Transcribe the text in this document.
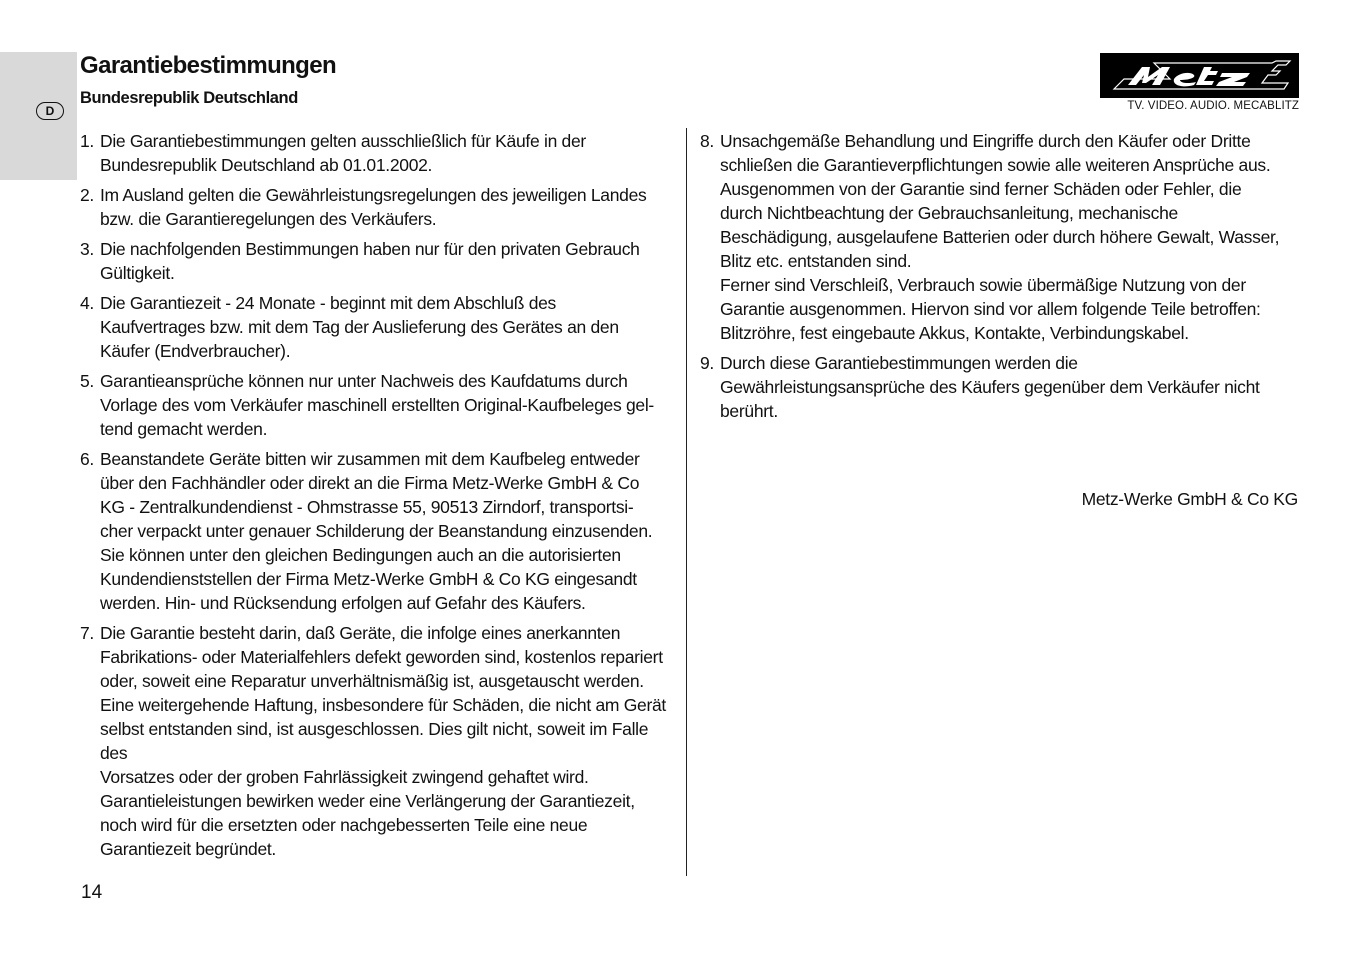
D
Garantiebestimmungen
Bundesrepublik Deutschland	TV. VIDEO. AUDIO. MECABLITZ
1. Die Garantiebestimmungen gelten ausschließlich für Käufe in der

Bundesrepublik Deutschland ab 01.01.2002.

2. Im Ausland gelten die Gewährleistungsregelungen des jeweiligen Landes

bzw. die Garantieregelungen des Verkäufers.

3. Die nachfolgenden Bestimmungen haben nur für den privaten Gebrauch

Gültigkeit.

4. Die Garantiezeit - 24 Monate - beginnt mit dem Abschluß des

Kaufvertrages bzw. mit dem Tag der Auslieferung des Gerätes an den

Käufer (Endverbraucher).

5. Garantieansprüche können nur unter Nachweis des Kaufdatums durch

Vorlage des vom Verkäufer maschinell erstellten Original-Kaufbeleges gel-

tend gemacht werden.

6. Beanstandete Geräte bitten wir zusammen mit dem Kaufbeleg entweder

über den Fachhändler oder direkt an die Firma Metz-Werke GmbH & Co

KG - Zentralkundendienst - Ohmstrasse 55, 90513 Zirndorf, transportsi-

cher verpackt unter genauer Schilderung der Beanstandung einzusenden.

Sie können unter den gleichen Bedingungen auch an die autorisierten

Kundendienststellen der Firma Metz-Werke GmbH & Co KG eingesandt

werden. Hin- und Rücksendung erfolgen auf Gefahr des Käufers.

7. Die Garantie besteht darin, daß Geräte, die infolge eines anerkannten

Fabrikations- oder Materialfehlers defekt geworden sind, kostenlos repariert

oder, soweit eine Reparatur unverhältnismäßig ist, ausgetauscht werden.

Eine weitergehende Haftung, insbesondere für Schäden, die nicht am Gerät

selbst entstanden sind, ist ausgeschlossen. Dies gilt nicht, soweit im Falle des

Vorsatzes oder der groben Fahrlässigkeit zwingend gehaftet wird.

Garantieleistungen bewirken weder eine Verlängerung der Garantiezeit,

noch wird für die ersetzten oder nachgebesserten Teile eine neue

Garantiezeit begründet.

8. Unsachgemäße Behandlung und Eingriffe durch den Käufer oder Dritte

schließen die Garantieverpflichtungen sowie alle weiteren Ansprüche aus.

Ausgenommen von der Garantie sind ferner Schäden oder Fehler, die

durch Nichtbeachtung der Gebrauchsanleitung, mechanische

Beschädigung, ausgelaufene Batterien oder durch höhere Gewalt, Wasser,

Blitz etc. entstanden sind.

Ferner sind Verschleiß, Verbrauch sowie übermäßige Nutzung von der

Garantie ausgenommen. Hiervon sind vor allem folgende Teile betroffen:

Blitzröhre, fest eingebaute Akkus, Kontakte, Verbindungskabel.

9. Durch diese Garantiebestimmungen werden die

Gewährleistungsansprüche des Käufers gegenüber dem Verkäufer nicht

berührt.

Metz-Werke GmbH & Co KG
14
